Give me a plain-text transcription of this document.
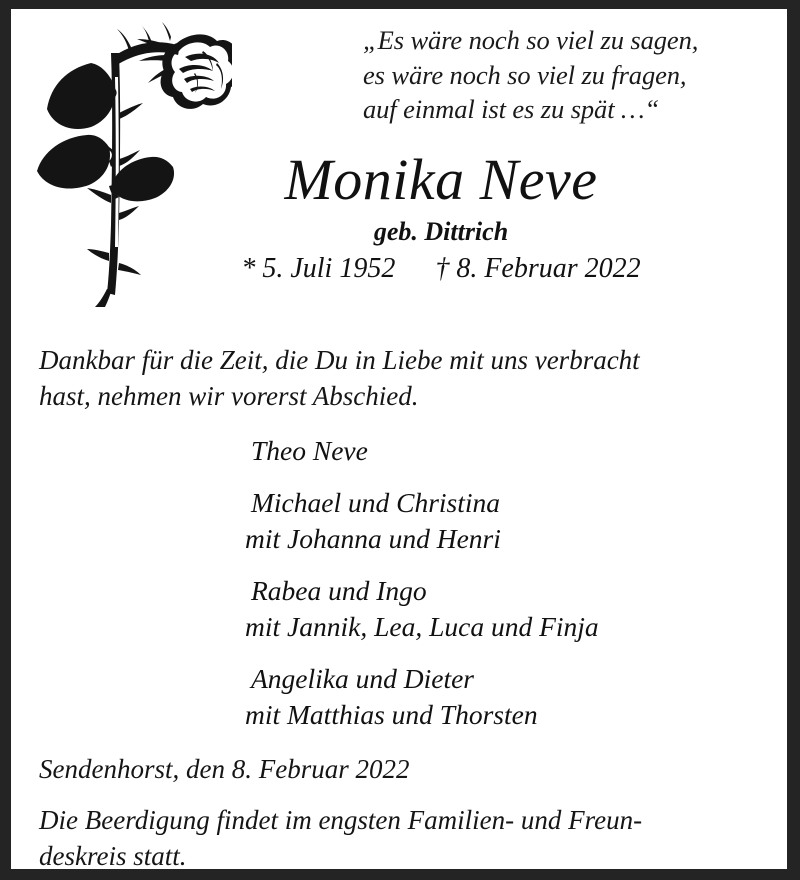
„Es wäre noch so viel zu sagen,
es wäre noch so viel zu fragen,
auf einmal ist es zu spät …“
Monika Neve
geb. Dittrich
* 5. Juli 1952 † 8. Februar 2022
Dankbar für die Zeit, die Du in Liebe mit uns verbracht
hast, nehmen wir vorerst Abschied.
Theo Neve
Michael und Christina
mit Johanna und Henri
Rabea und Ingo
mit Jannik, Lea, Luca und Finja
Angelika und Dieter
mit Matthias und Thorsten
Sendenhorst, den 8. Februar 2022
Die Beerdigung findet im engsten Familien- und Freun-
deskreis statt.
